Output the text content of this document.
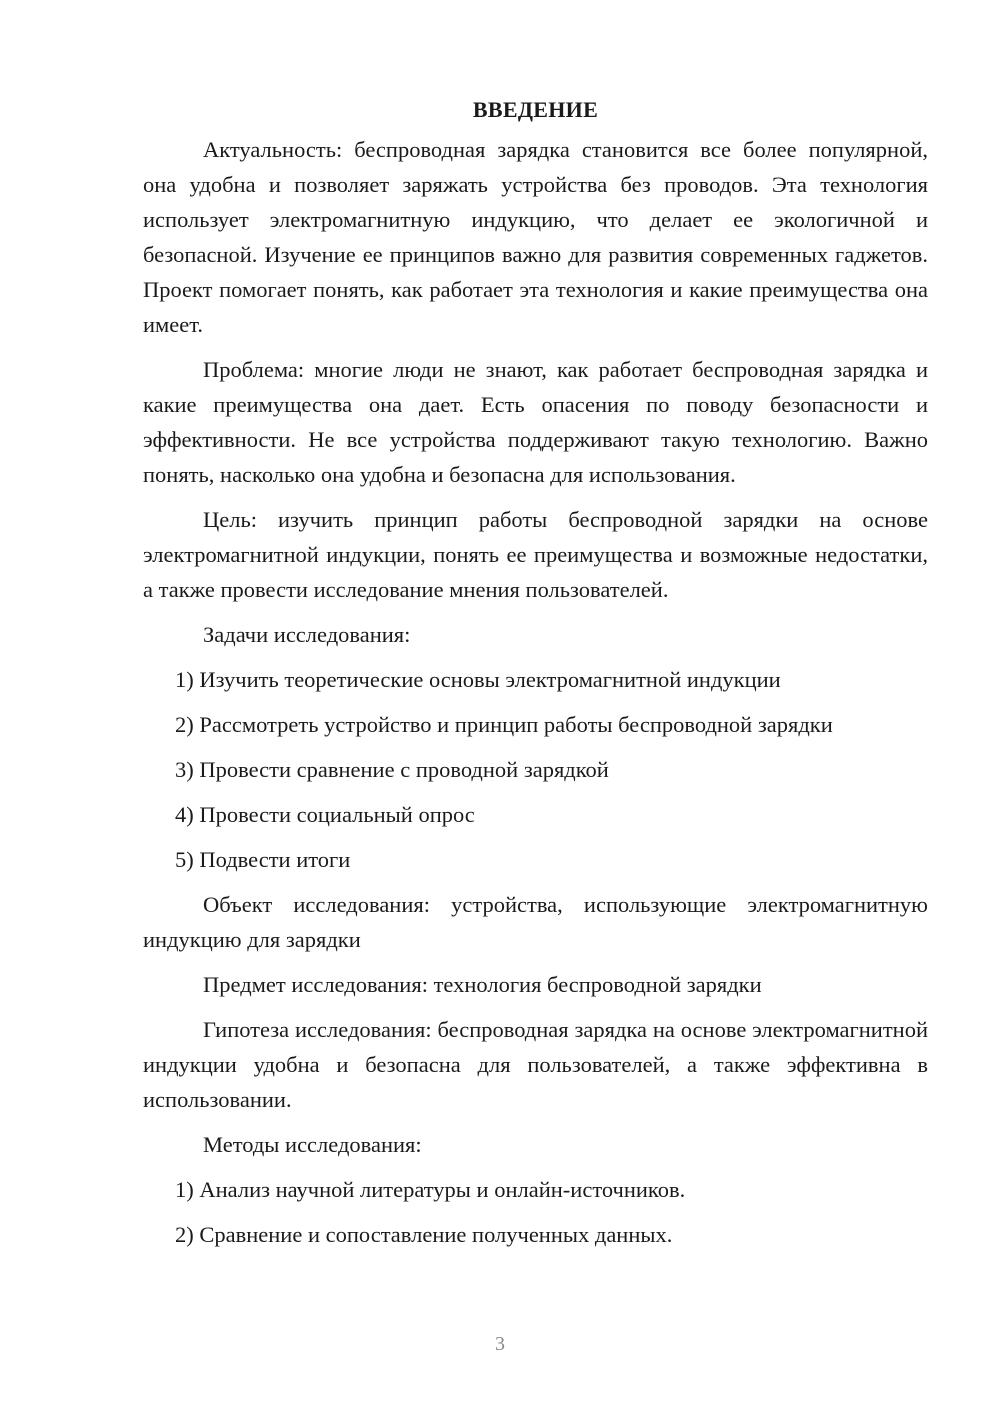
ВВЕДЕНИЕ

Актуальность: беспроводная зарядка становится все более популярной, она удобна и позволяет заряжать устройства без проводов. Эта технология использует электромагнитную индукцию, что делает ее экологичной и безопасной. Изучение ее принципов важно для развития современных гаджетов. Проект помогает понять, как работает эта технология и какие преимущества она имеет.

Проблема: многие люди не знают, как работает беспроводная зарядка и какие преимущества она дает. Есть опасения по поводу безопасности и эффективности. Не все устройства поддерживают такую технологию. Важно понять, насколько она удобна и безопасна для использования.

Цель: изучить принцип работы беспроводной зарядки на основе электромагнитной индукции, понять ее преимущества и возможные недостатки, а также провести исследование мнения пользователей.

Задачи исследования:

1) Изучить теоретические основы электромагнитной индукции
2) Рассмотреть устройство и принцип работы беспроводной зарядки
3) Провести сравнение с проводной зарядкой
4) Провести социальный опрос
5) Подвести итоги

Объект исследования: устройства, использующие электромагнитную индукцию для зарядки

Предмет исследования: технология беспроводной зарядки

Гипотеза исследования: беспроводная зарядка на основе электромагнитной индукции удобна и безопасна для пользователей, а также эффективна в использовании.

Методы исследования:

1) Анализ научной литературы и онлайн-источников.
2) Сравнение и сопоставление полученных данных.
3
